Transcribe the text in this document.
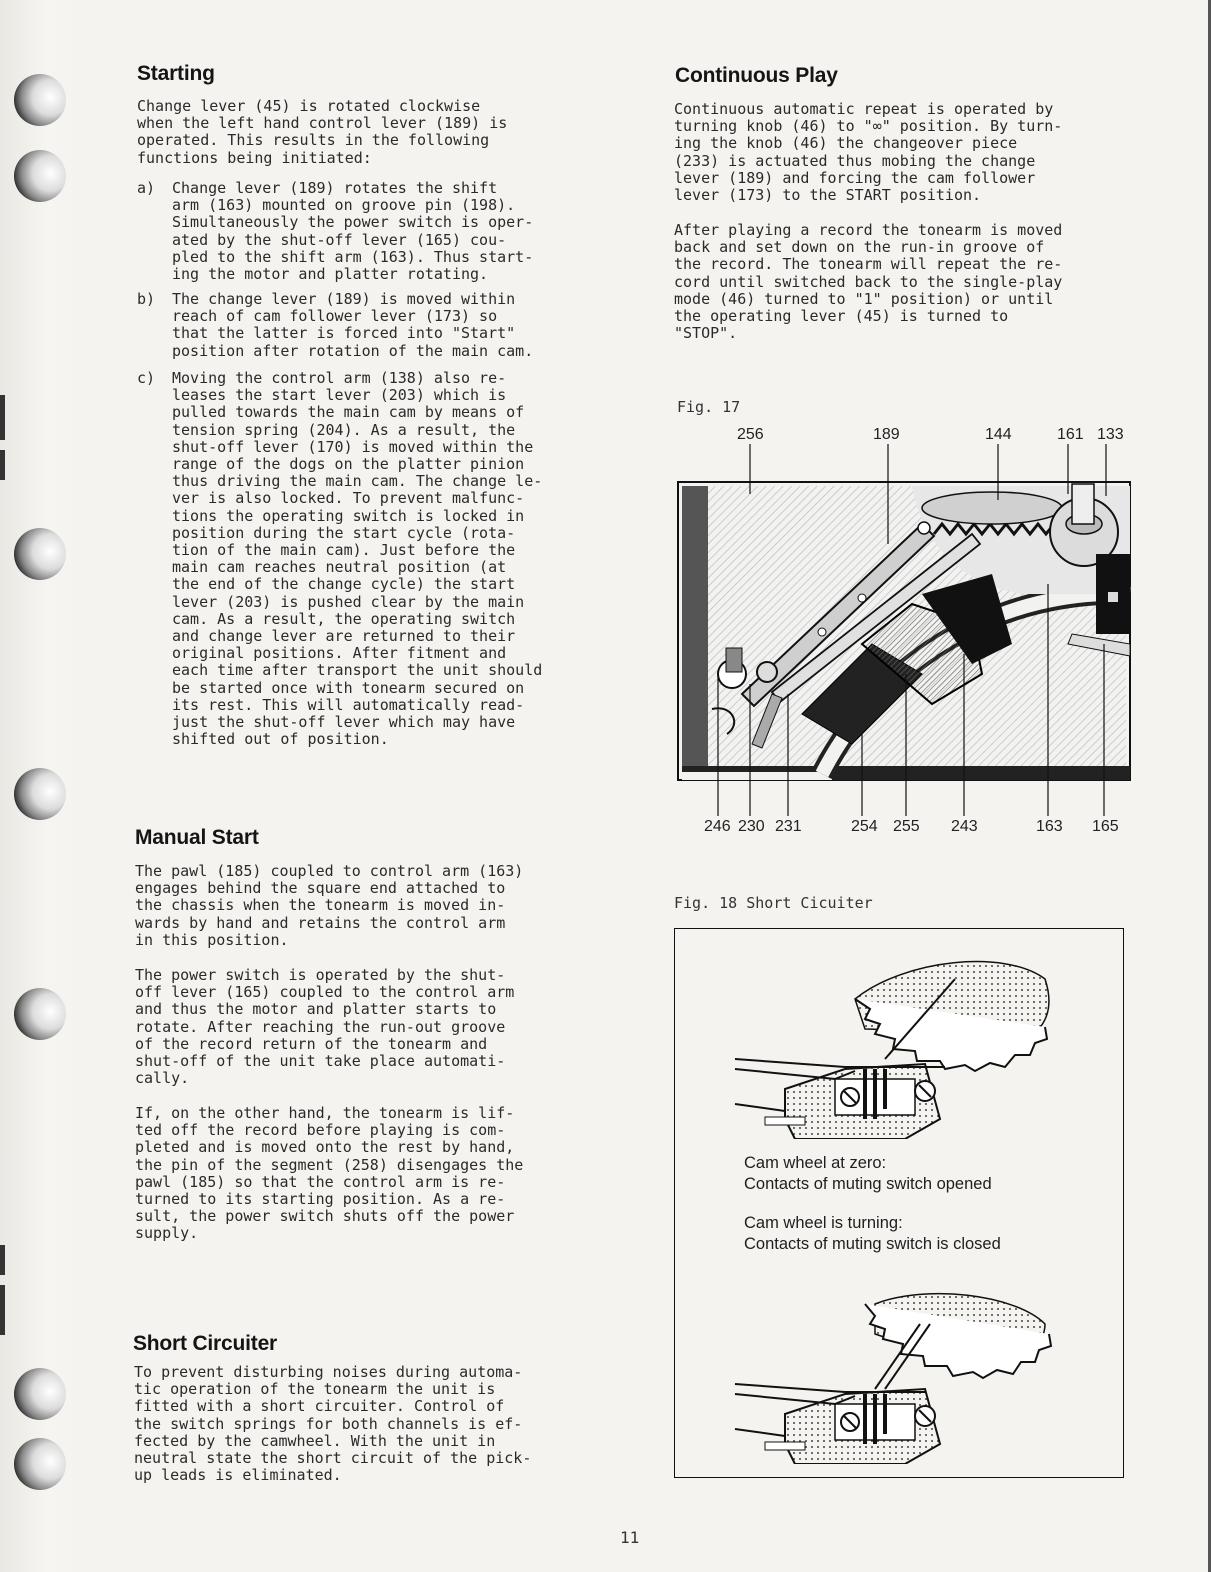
Starting

Change lever (45) is rotated clockwise
when the left hand control lever (189) is
operated. This results in the following
functions being initiated:

a) Change lever (189) rotates the shift
arm (163) mounted on groove pin (198).
Simultaneously the power switch is oper-
ated by the shut-off lever (165) cou-
pled to the shift arm (163). Thus start-
ing the motor and platter rotating.
b) The change lever (189) is moved within
reach of cam follower lever (173) so
that the latter is forced into "Start"
position after rotation of the main cam.
c) Moving the control arm (138) also re-
leases the start lever (203) which is
pulled towards the main cam by means of
tension spring (204). As a result, the
shut-off lever (170) is moved within the
range of the dogs on the platter pinion
thus driving the main cam. The change le-
ver is also locked. To prevent malfunc-
tions the operating switch is locked in
position during the start cycle (rota-
tion of the main cam). Just before the
main cam reaches neutral position (at
the end of the change cycle) the start
lever (203) is pushed clear by the main
cam. As a result, the operating switch
and change lever are returned to their
original positions. After fitment and
each time after transport the unit should
be started once with tonearm secured on
its rest. This will automatically read-
just the shut-off lever which may have
shifted out of position.
Manual Start

The pawl (185) coupled to control arm (163)
engages behind the square end attached to
the chassis when the tonearm is moved in-
wards by hand and retains the control arm
in this position.

The power switch is operated by the shut-
off lever (165) coupled to the control arm
and thus the motor and platter starts to
rotate. After reaching the run-out groove
of the record return of the tonearm and
shut-off of the unit take place automati-
cally.

If, on the other hand, the tonearm is lif-
ted off the record before playing is com-
pleted and is moved onto the rest by hand,
the pin of the segment (258) disengages the
pawl (185) so that the control arm is re-
turned to its starting position. As a re-
sult, the power switch shuts off the power
supply.

Short Circuiter

To prevent disturbing noises during automa-
tic operation of the tonearm the unit is
fitted with a short circuiter. Control of
the switch springs for both channels is ef-
fected by the camwheel. With the unit in
neutral state the short circuit of the pick-
up leads is eliminated.

Continuous Play

Continuous automatic repeat is operated by
turning knob (46) to "∞" position. By turn-
ing the knob (46) the changeover piece
(233) is actuated thus mobing the change
lever (189) and forcing the cam follower
lever (173) to the START position.

After playing a record the tonearm is moved
back and set down on the run-in groove of
the record. The tonearm will repeat the re-
cord until switched back to the single-play
mode (46) turned to "1" position) or until
the operating lever (45) is turned to
"STOP".

Fig. 17
256	189	144	161 133
246 230 231	254 255 243	163 165
Fig. 18 Short Cicuiter
Cam wheel at zero:
Contacts of muting switch opened
Cam wheel is turning:
Contacts of muting switch is closed
11
